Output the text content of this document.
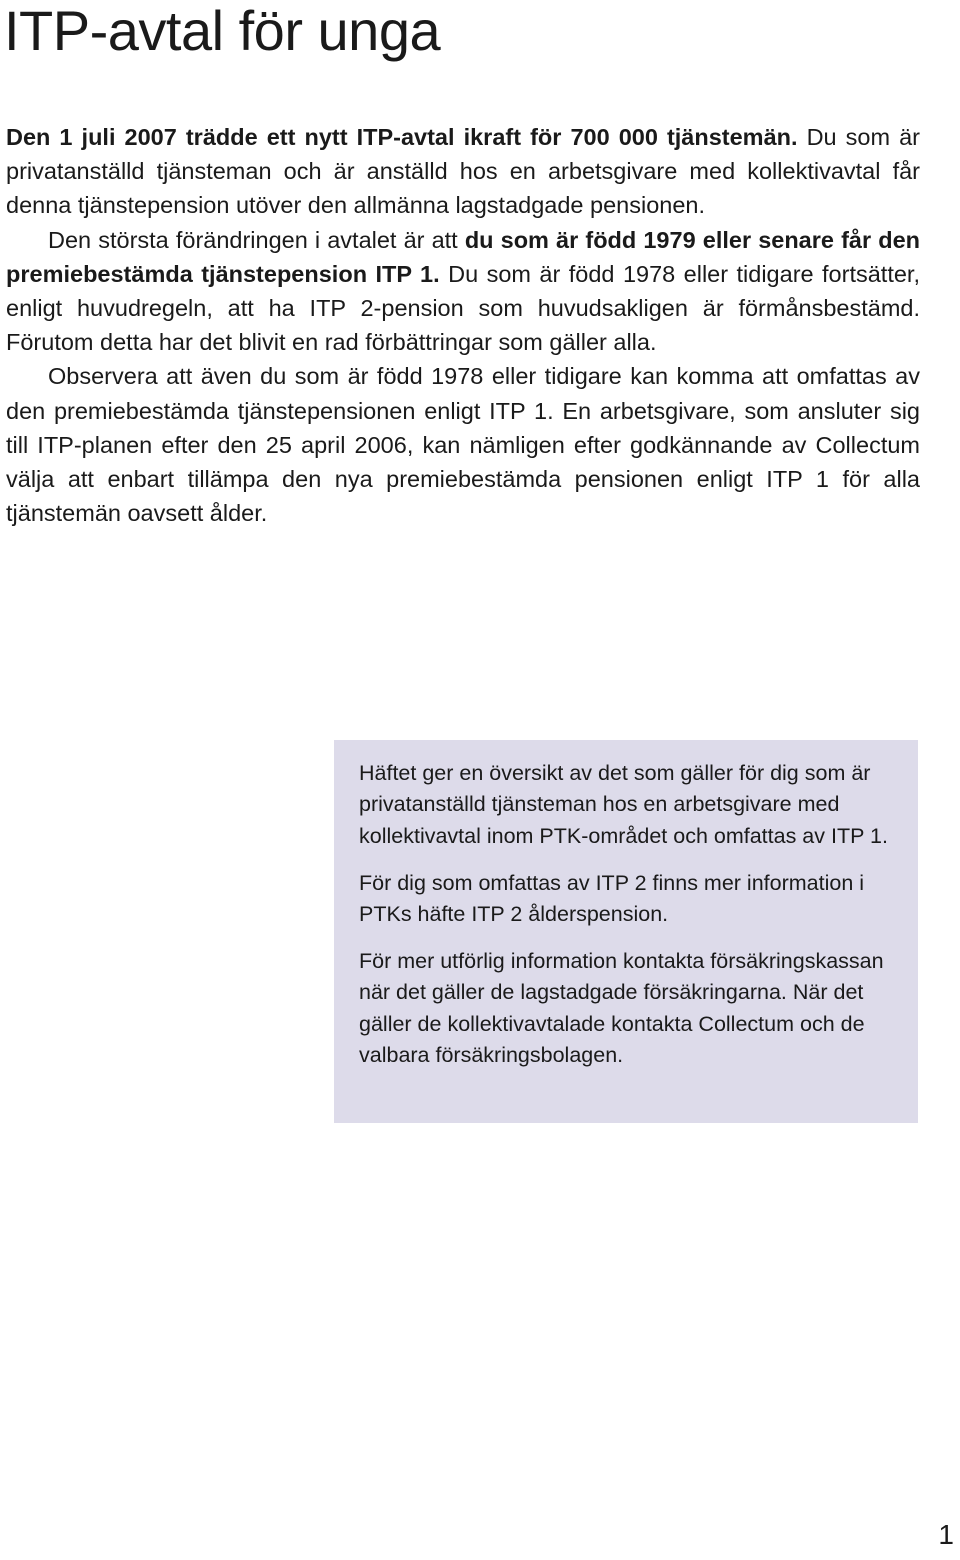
ITP-avtal för unga

Den 1 juli 2007 trädde ett nytt ITP-avtal ikraft för 700 000 tjänstemän. Du som är privatanställd tjänsteman och är anställd hos en arbetsgivare med kollektivavtal får denna tjänstepension utöver den allmänna lagstadgade pensionen.

Den största förändringen i avtalet är att du som är född 1979 eller senare får den premiebestämda tjänstepension ITP 1. Du som är född 1978 eller tidigare fortsätter, enligt huvudregeln, att ha ITP 2-pension som huvudsakligen är förmånsbestämd. Förutom detta har det blivit en rad förbättringar som gäller alla.

Observera att även du som är född 1978 eller tidigare kan komma att omfattas av den premiebestämda tjänstepensionen enligt ITP 1. En arbetsgivare, som ansluter sig till ITP-planen efter den 25 april 2006, kan nämligen efter godkännande av Collectum välja att enbart tillämpa den nya premiebestämda pensionen enligt ITP 1 för alla tjänstemän oavsett ålder.

Häftet ger en översikt av det som gäller för dig som är privatanställd tjänsteman hos en arbetsgivare med kollektivavtal inom PTK-området och omfattas av ITP 1.

För dig som omfattas av ITP 2 finns mer information i PTKs häfte ITP 2 ålderspension.

För mer utförlig information kontakta försäkringskassan när det gäller de lagstadgade försäkringarna. När det gäller de kollektivavtalade kontakta Collectum och de valbara försäkringsbolagen.

1
